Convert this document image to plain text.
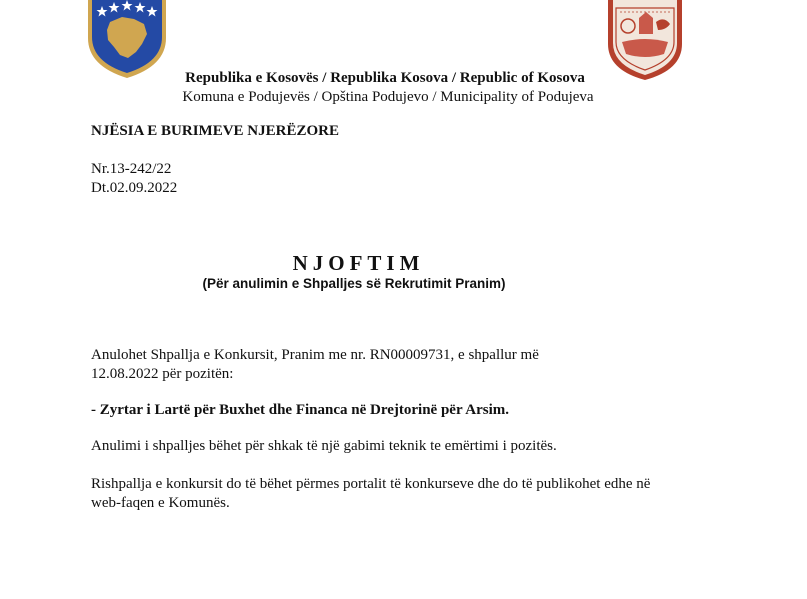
Republika e Kosovës / Republika Kosova / Republic of Kosova
Komuna e Podujevës / Opština Podujevo / Municipality of Podujeva
NJËSIA E BURIMEVE NJERËZORE
Nr.13-242/22
Dt.02.09.2022
NJOFTIM
(Për anulimin e Shpalljes së Rekrutimit Pranim)
Anulohet Shpallja e Konkursit, Pranim me nr. RN00009731, e shpallur më
12.08.2022 për pozitën:
- Zyrtar i Lartë për Buxhet dhe Financa në Drejtorinë për Arsim.
Anulimi i shpalljes bëhet për shkak të një gabimi teknik te emërtimi i pozitës.
Rishpallja e konkursit do të bëhet përmes portalit të konkurseve dhe do të publikohet edhe në
web-faqen e Komunës.
